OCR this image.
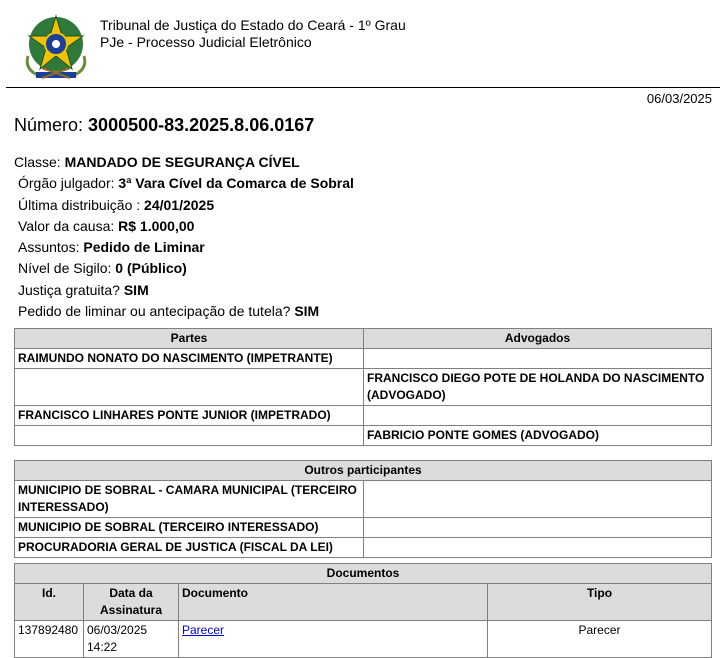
Tribunal de Justiça do Estado do Ceará - 1º Grau
PJe - Processo Judicial Eletrônico
06/03/2025
Número: 3000500-83.2025.8.06.0167
Classe: MANDADO DE SEGURANÇA CÍVEL
Órgão julgador: 3ª Vara Cível da Comarca de Sobral
Última distribuição : 24/01/2025
Valor da causa: R$ 1.000,00
Assuntos: Pedido de Liminar
Nível de Sigilo: 0 (Público)
Justiça gratuita? SIM
Pedido de liminar ou antecipação de tutela? SIM
Partes	Advogados
RAIMUNDO NONATO DO NASCIMENTO (IMPETRANTE)	
	FRANCISCO DIEGO POTE DE HOLANDA DO NASCIMENTO (ADVOGADO)
FRANCISCO LINHARES PONTE JUNIOR (IMPETRADO)	
	FABRICIO PONTE GOMES (ADVOGADO)
Outros participantes	
MUNICIPIO DE SOBRAL - CAMARA MUNICIPAL (TERCEIRO INTERESSADO)	
MUNICIPIO DE SOBRAL (TERCEIRO INTERESSADO)	
PROCURADORIA GERAL DE JUSTICA (FISCAL DA LEI)	
Documentos			
Id.	Data da Assinatura	Documento	Tipo
137892480	06/03/2025 14:22	Parecer	Parecer
